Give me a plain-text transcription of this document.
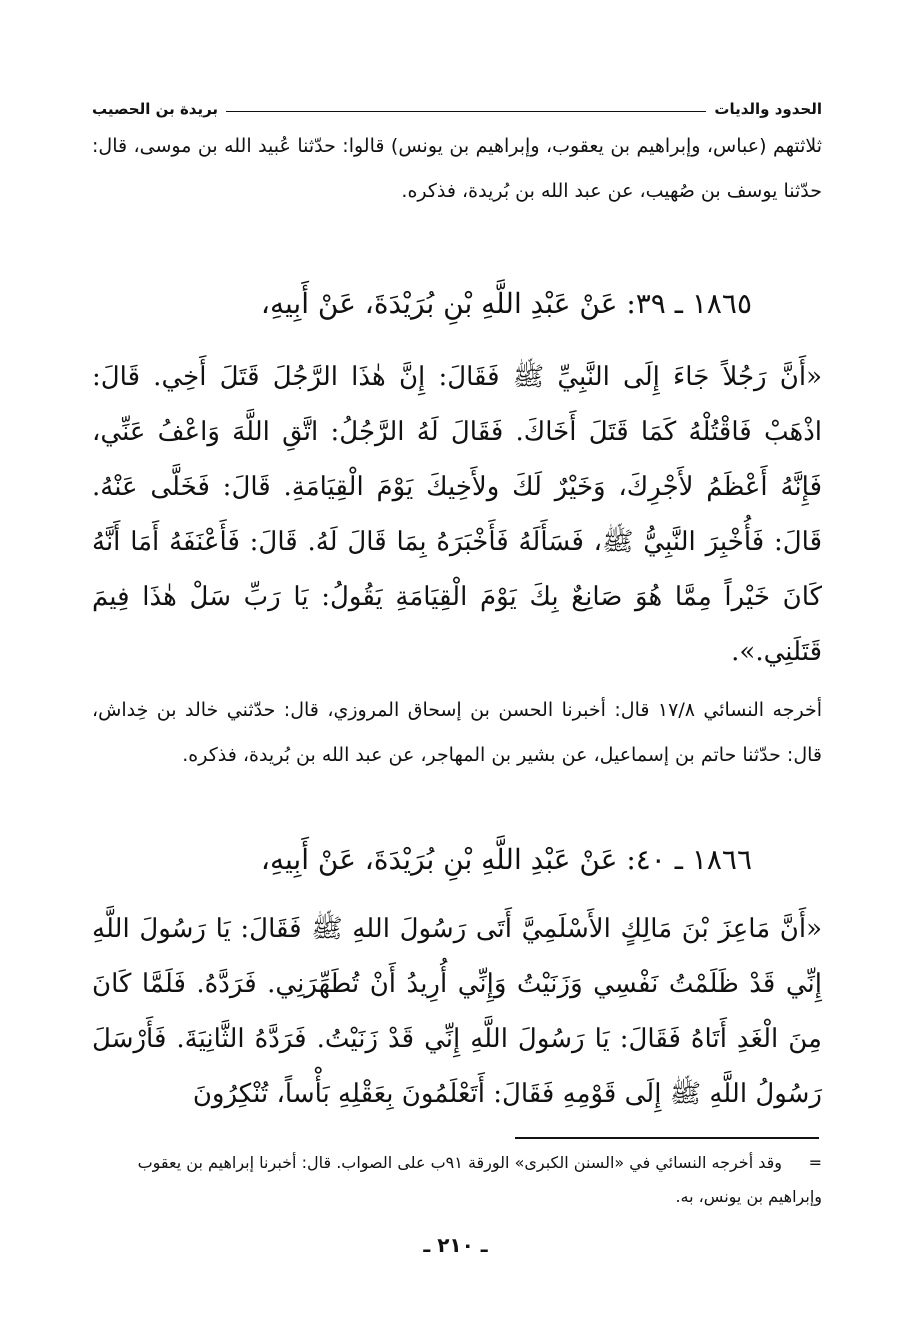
الحدود والديات
بريدة بن الحصيب
ثلاثتهم (عباس، وإبراهيم بن يعقوب، وإبراهيم بن يونس) قالوا: حدّثنا عُبيد الله بن موسى، قال: حدّثنا يوسف بن صُهيب، عن عبد الله بن بُريدة، فذكره.
١٨٦٥ ـ ٣٩: عَنْ عَبْدِ اللَّهِ بْنِ بُرَيْدَةَ، عَنْ أَبِيهِ،
«أَنَّ رَجُلاً جَاءَ إِلَى النَّبِيِّ ﷺ فَقَالَ: إِنَّ هٰذَا الرَّجُلَ قَتَلَ أَخِي. قَالَ: اذْهَبْ فَاقْتُلْهُ كَمَا قَتَلَ أَخَاكَ. فَقَالَ لَهُ الرَّجُلُ: اتَّقِ اللَّهَ وَاعْفُ عَنِّي، فَإِنَّهُ أَعْظَمُ لأَجْرِكَ، وَخَيْرٌ لَكَ ولأَخِيكَ يَوْمَ الْقِيَامَةِ. قَالَ: فَخَلَّى عَنْهُ. قَالَ: فَأُخْبِرَ النَّبِيُّ ﷺ، فَسَأَلَهُ فَأَخْبَرَهُ بِمَا قَالَ لَهُ. قَالَ: فَأَعْنَفَهُ أَمَا أَنَّهُ كَانَ خَيْراً مِمَّا هُوَ صَانِعٌ بِكَ يَوْمَ الْقِيَامَةِ يَقُولُ: يَا رَبِّ سَلْ هٰذَا فِيمَ قَتَلَنِي.».
أخرجه النسائي ١٧/٨ قال: أخبرنا الحسن بن إسحاق المروزي، قال: حدّثني خالد بن خِداش، قال: حدّثنا حاتم بن إسماعيل، عن بشير بن المهاجر، عن عبد الله بن بُريدة، فذكره.
١٨٦٦ ـ ٤٠: عَنْ عَبْدِ اللَّهِ بْنِ بُرَيْدَةَ، عَنْ أَبِيهِ،
«أَنَّ مَاعِزَ بْنَ مَالِكٍ الأَسْلَمِيَّ أَتَى رَسُولَ اللهِ ﷺ فَقَالَ: يَا رَسُولَ اللَّهِ إِنِّي قَدْ ظَلَمْتُ نَفْسِي وَزَنَيْتُ وَإِنِّي أُرِيدُ أَنْ تُطَهِّرَنِي. فَرَدَّهُ. فَلَمَّا كَانَ مِنَ الْغَدِ أَتَاهُ فَقَالَ: يَا رَسُولَ اللَّهِ إِنِّي قَدْ زَنَيْتُ. فَرَدَّهُ الثَّانِيَةَ. فَأَرْسَلَ رَسُولُ اللَّهِ ﷺ إِلَى قَوْمِهِ فَقَالَ: أَتَعْلَمُونَ بِعَقْلِهِ بَأْساً، تُنْكِرُونَ
=وقد أخرجه النسائي في «السنن الكبرى» الورقة ٩١ب على الصواب. قال: أخبرنا إبراهيم بن يعقوب وإبراهيم بن يونس، به.
ـ ٢١٠ ـ
